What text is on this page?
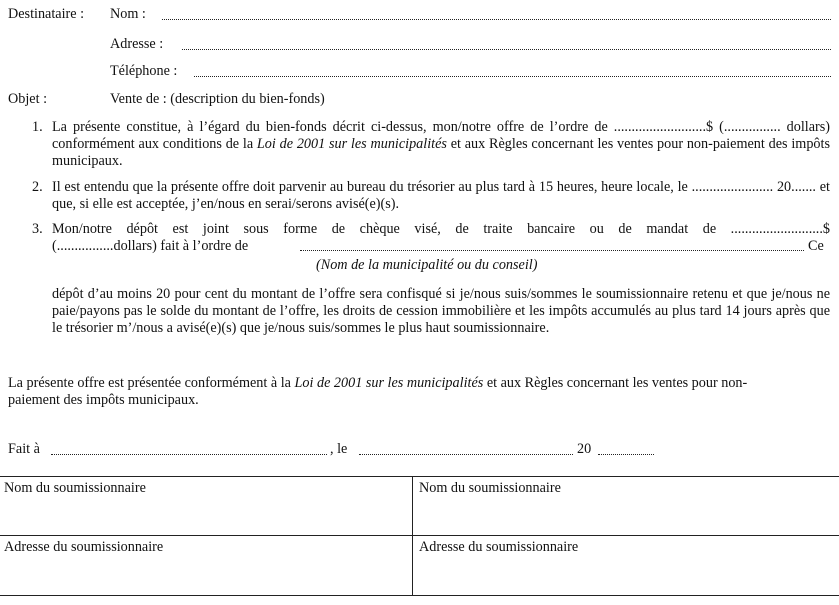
Destinataire : Nom :
Adresse :
Téléphone :
Objet :	Vente de : (description du bien-fonds)
1. La présente constitue, à l’égard du bien-fonds décrit ci-dessus, mon/notre offre de l’ordre de ..........................$ (................ dollars) conformément aux conditions de la Loi de 2001 sur les municipalités et aux Règles concernant les ventes pour non-paiement des impôts municipaux.
2. Il est entendu que la présente offre doit parvenir au bureau du trésorier au plus tard à 15 heures, heure locale, le ....................... 20....... et que, si elle est acceptée, j’en/nous en serai/serons avisé(e)(s).
3. Mon/notre dépôt est joint sous forme de chèque visé, de traite bancaire ou de mandat de ..........................$
(................dollars) fait à l’ordre de	Ce
(Nom de la municipalité ou du conseil)
dépôt d’au moins 20 pour cent du montant de l’offre sera confisqué si je/nous suis/sommes le soumissionnaire retenu et que je/nous ne paie/payons pas le solde du montant de l’offre, les droits de cession immobilière et les impôts accumulés au plus tard 14 jours après que le trésorier m’/nous a avisé(e)(s) que je/nous suis/sommes le plus haut soumissionnaire.
La présente offre est présentée conformément à la Loi de 2001 sur les municipalités et aux Règles concernant les ventes pour non-paiement des impôts municipaux.
Fait à	, le	20
Nom du soumissionnaire	Nom du soumissionnaire
Adresse du soumissionnaire	Adresse du soumissionnaire
